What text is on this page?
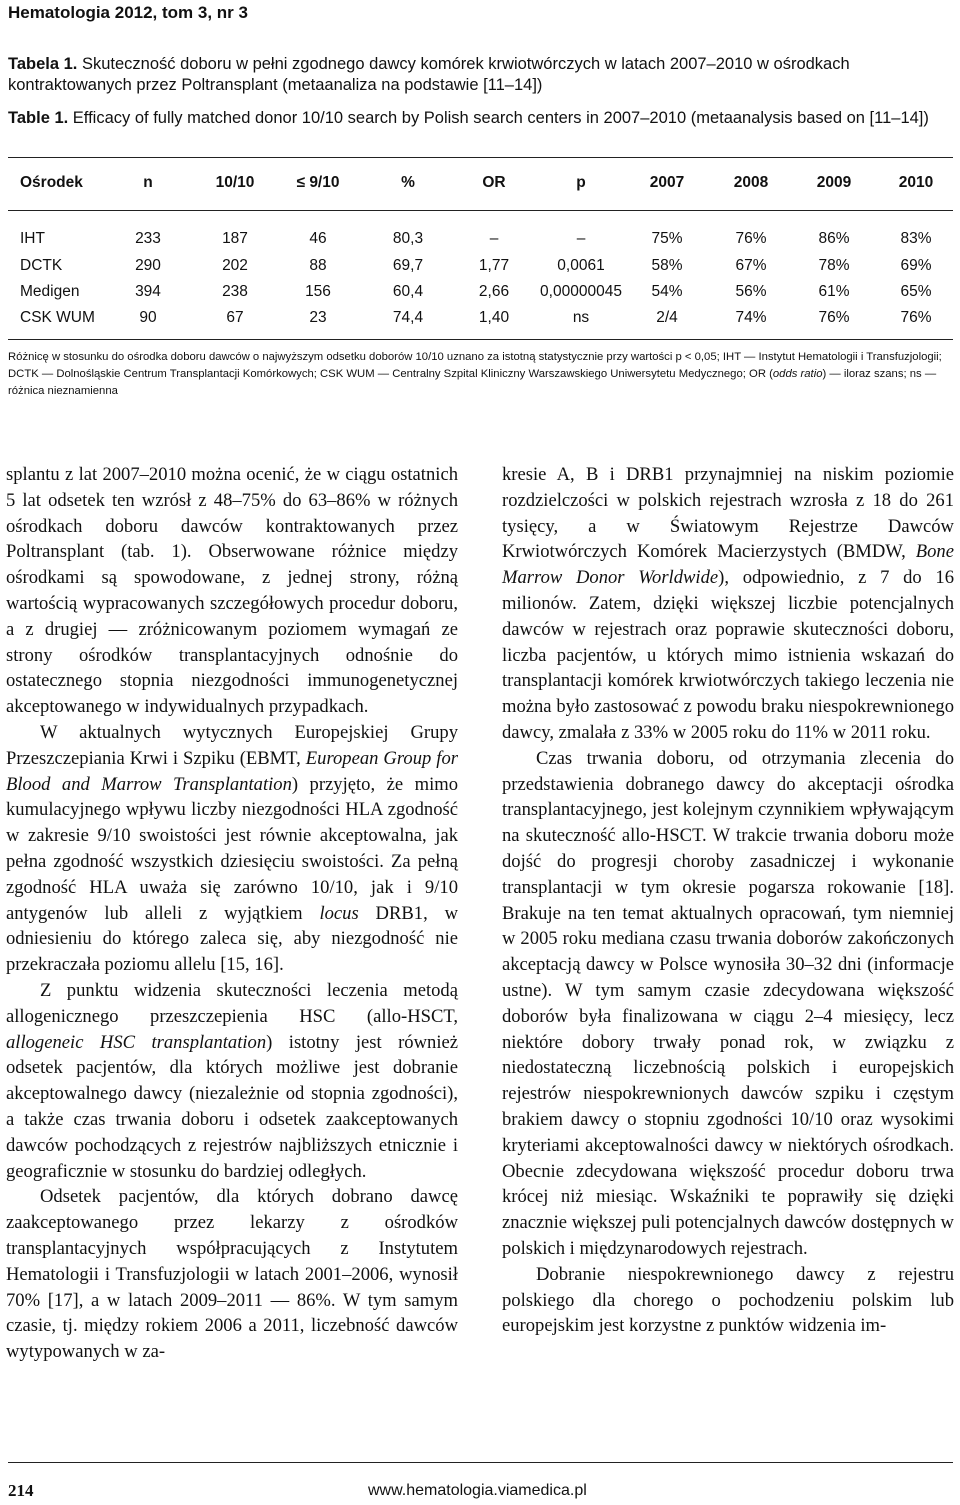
Hematologia 2012, tom 3, nr 3
Tabela 1. Skuteczność doboru w pełni zgodnego dawcy komórek krwiotwórczych w latach 2007–2010 w ośrodkach kontraktowanych przez Poltransplant (metaanaliza na podstawie [11–14])
Table 1. Efficacy of fully matched donor 10/10 search by Polish search centers in 2007–2010 (metaanalysis based on [11–14])
Ośrodek	n	10/10	≤ 9/10	%	OR	p	2007	2008	2009	2010
IHT	233	187	46	80,3	–	–	75%	76%	86%	83%
DCTK	290	202	88	69,7	1,77	0,0061	58%	67%	78%	69%
Medigen	394	238	156	60,4	2,66	0,00000045	54%	56%	61%	65%
CSK WUM	90	67	23	74,4	1,40	ns	2/4	74%	76%	76%
Różnicę w stosunku do ośrodka doboru dawców o najwyższym odsetku doborów 10/10 uznano za istotną statystycznie przy wartości p < 0,05; IHT — Instytut Hematologii i Transfuzjologii; DCTK — Dolnośląskie Centrum Transplantacji Komórkowych; CSK WUM — Centralny Szpital Kliniczny Warszawskiego Uniwersytetu Medycznego; OR (odds ratio) — iloraz szans; ns — różnica nieznamienna

splantu z lat 2007–2010 można ocenić, że w ciągu ostatnich 5 lat odsetek ten wzrósł z 48–75% do 63–86% w różnych ośrodkach doboru dawców kontraktowanych przez Poltransplant (tab. 1). Obserwowane różnice między ośrodkami są spowodowane, z jednej strony, różną wartością wypracowanych szczegółowych procedur doboru, a z drugiej — zróżnicowanym poziomem wymagań ze strony ośrodków transplantacyjnych odnośnie do ostatecznego stopnia niezgodności immunogenetycznej akceptowanego w indywidualnych przypadkach.

W aktualnych wytycznych Europejskiej Grupy Przeszczepiania Krwi i Szpiku (EBMT, European Group for Blood and Marrow Transplantation) przyjęto, że mimo kumulacyjnego wpływu liczby niezgodności HLA zgodność w zakresie 9/10 swoistości jest równie akceptowalna, jak pełna zgodność wszystkich dziesięciu swoistości. Za pełną zgodność HLA uważa się zarówno 10/10, jak i 9/10 antygenów lub alleli z wyjątkiem locus DRB1, w odniesieniu do którego zaleca się, aby niezgodność nie przekraczała poziomu allelu [15, 16].

Z punktu widzenia skuteczności leczenia metodą allogenicznego przeszczepienia HSC (allo-HSCT, allogeneic HSC transplantation) istotny jest również odsetek pacjentów, dla których możliwe jest dobranie akceptowalnego dawcy (niezależnie od stopnia zgodności), a także czas trwania doboru i odsetek zaakceptowanych dawców pochodzących z rejestrów najbliższych etnicznie i geograficznie w stosunku do bardziej odległych.

Odsetek pacjentów, dla których dobrano dawcę zaakceptowanego przez lekarzy z ośrodków transplantacyjnych współpracujących z Instytutem Hematologii i Transfuzjologii w latach 2001–2006, wynosił 70% [17], a w latach 2009–2011 — 86%. W tym samym czasie, tj. między rokiem 2006 a 2011, liczebność dawców wytypowanych w za-

kresie A, B i DRB1 przynajmniej na niskim poziomie rozdzielczości w polskich rejestrach wzrosła z 18 do 261 tysięcy, a w Światowym Rejestrze Dawców Krwiotwórczych Komórek Macierzystych (BMDW, Bone Marrow Donor Worldwide), odpowiednio, z 7 do 16 milionów. Zatem, dzięki większej liczbie potencjalnych dawców w rejestrach oraz poprawie skuteczności doboru, liczba pacjentów, u których mimo istnienia wskazań do transplantacji komórek krwiotwórczych takiego leczenia nie można było zastosować z powodu braku niespokrewnionego dawcy, zmalała z 33% w 2005 roku do 11% w 2011 roku.

Czas trwania doboru, od otrzymania zlecenia do przedstawienia dobranego dawcy do akceptacji ośrodka transplantacyjnego, jest kolejnym czynnikiem wpływającym na skuteczność allo-HSCT. W trakcie trwania doboru może dojść do progresji choroby zasadniczej i wykonanie transplantacji w tym okresie pogarsza rokowanie [18]. Brakuje na ten temat aktualnych opracowań, tym niemniej w 2005 roku mediana czasu trwania doborów zakończonych akceptacją dawcy w Polsce wynosiła 30–32 dni (informacje ustne). W tym samym czasie zdecydowana większość doborów była finalizowana w ciągu 2–4 miesięcy, lecz niektóre dobory trwały ponad rok, w związku z niedostateczną liczebnością polskich i europejskich rejestrów niespokrewnionych dawców szpiku i częstym brakiem dawcy o stopniu zgodności 10/10 oraz wysokimi kryteriami akceptowalności dawcy w niektórych ośrodkach. Obecnie zdecydowana większość procedur doboru trwa krócej niż miesiąc. Wskaźniki te poprawiły się dzięki znacznie większej puli potencjalnych dawców dostępnych w polskich i międzynarodowych rejestrach.

Dobranie niespokrewnionego dawcy z rejestru polskiego dla chorego o pochodzeniu polskim lub europejskim jest korzystne z punktów widzenia im-

214	www.hematologia.viamedica.pl
